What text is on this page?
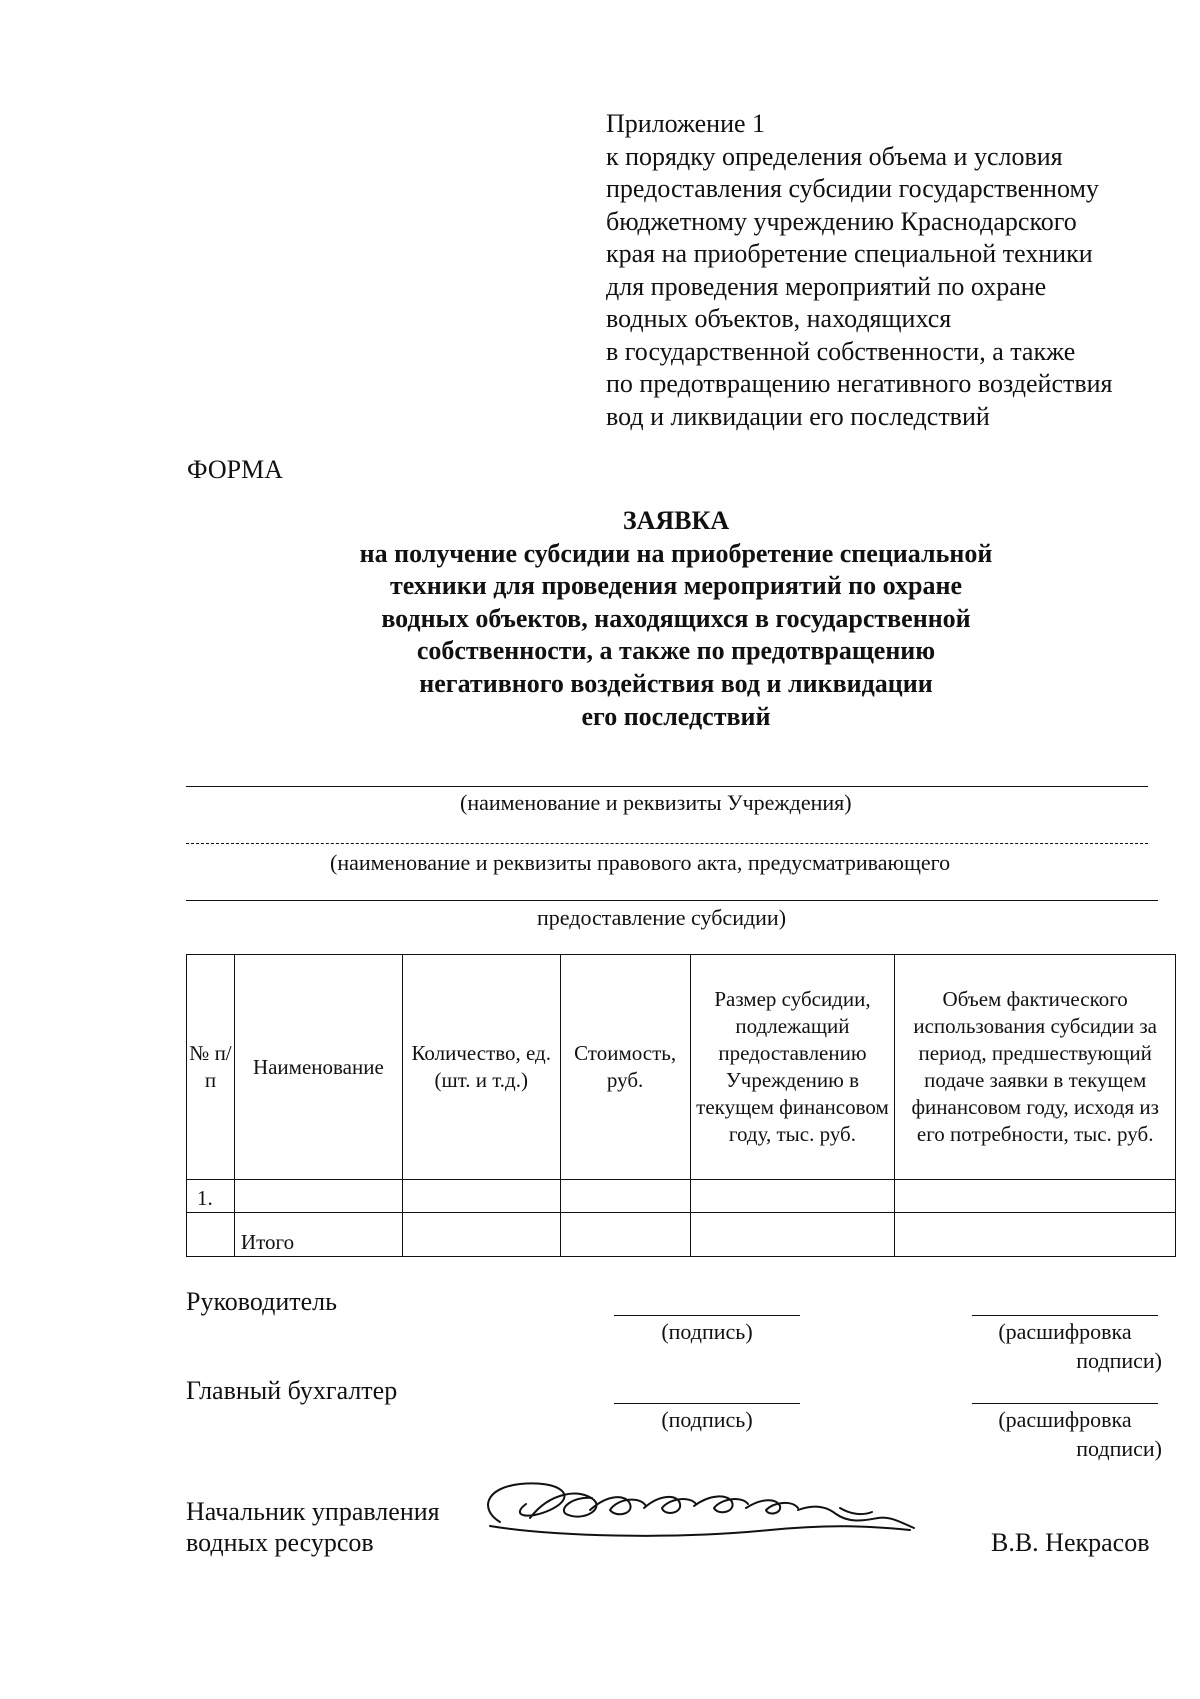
Приложение 1
к порядку определения объема и условия
предоставления субсидии государственному
бюджетному учреждению Краснодарского
края на приобретение специальной техники
для проведения мероприятий по охране
водных объектов, находящихся
в государственной собственности, а также
по предотвращению негативного воздействия
вод и ликвидации его последствий
ФОРМА
ЗАЯВКА
на получение субсидии на приобретение специальной
техники для проведения мероприятий по охране
водных объектов, находящихся в государственной
собственности, а также по предотвращению
негативного воздействия вод и ликвидации
его последствий
(наименование и реквизиты Учреждения)
(наименование и реквизиты правового акта, предусматривающего
предоставление субсидии)
№ п/п	Наименование	Количество, ед. (шт. и т.д.)	Стоимость, руб.	Размер субсидии, подлежащий предоставлению Учреждению в текущем финансовом году, тыс. руб.	Объем фактического использования субсидии за период, предшествующий подаче заявки в текущем финансовом году, исходя из его потребности, тыс. руб.
1.					
	Итого				
Руководитель
(подпись)	(расшифровка
подписи)
Главный бухгалтер
(подпись)	(расшифровка
подписи)
Начальник управления
водных ресурсов	В.В. Некрасов
